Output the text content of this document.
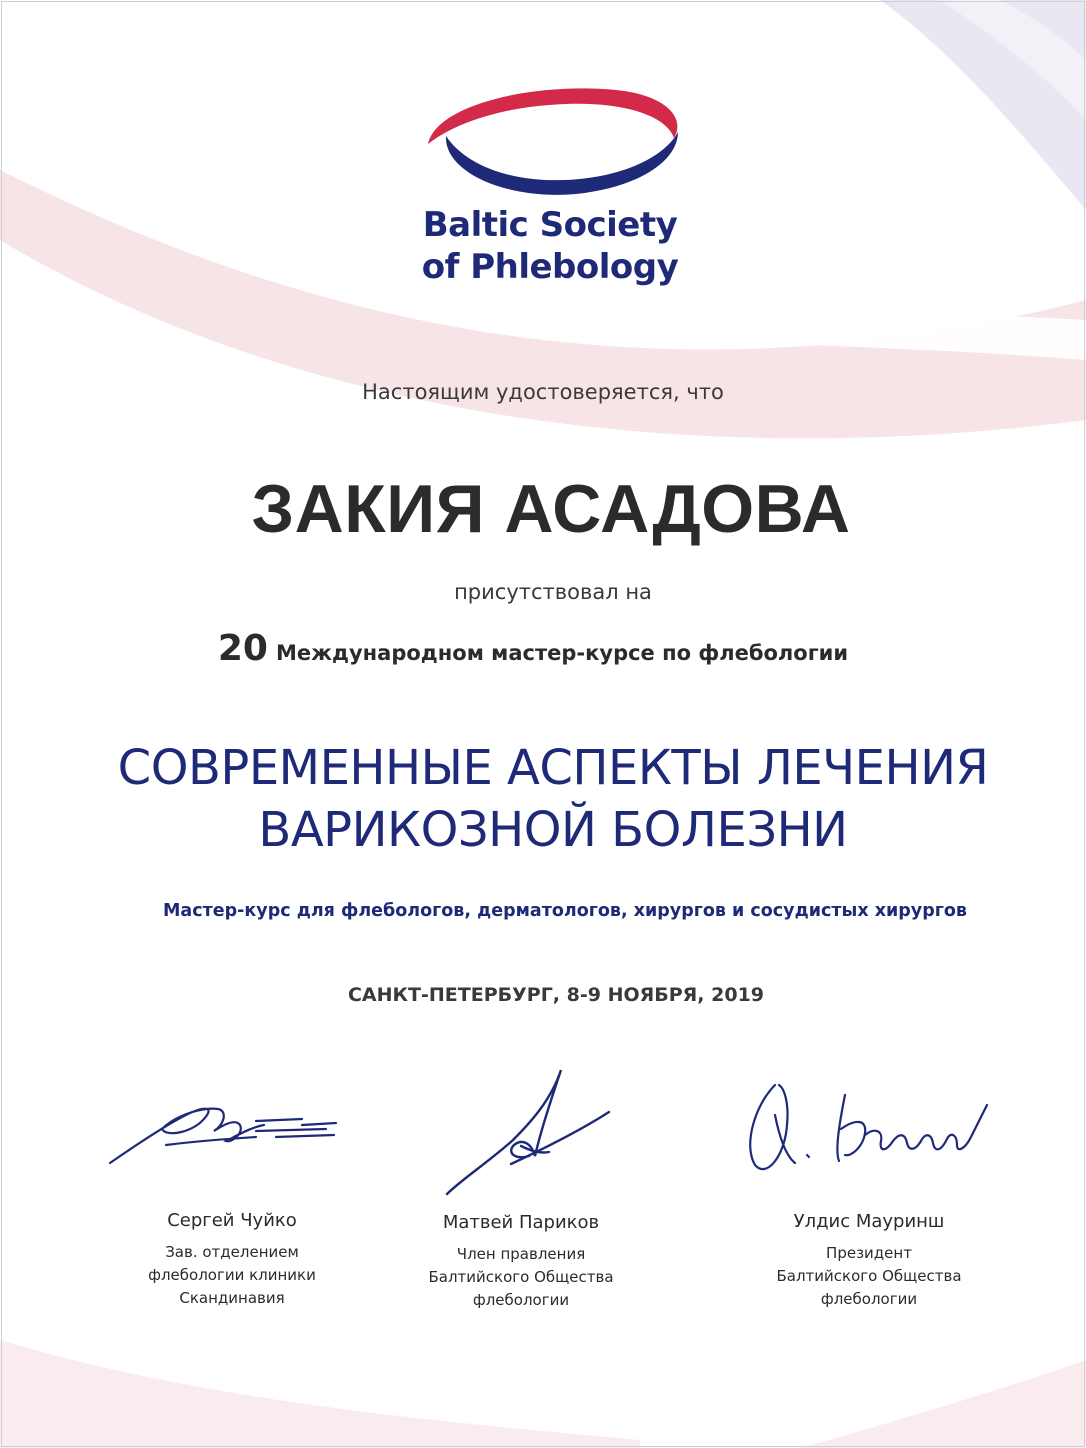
Baltic Society
of Phlebology
Настоящим удостоверяется, что
ЗАКИЯ АСАДОВА
присутствовал на
20 Международном мастер-курсе по флебологии
СОВРЕМЕННЫЕ АСПЕКТЫ ЛЕЧЕНИЯ
ВАРИКОЗНОЙ БОЛЕЗНИ
Мастер-курс для флебологов, дерматологов, хирургов и сосудистых хирургов
САНКТ-ПЕТЕРБУРГ, 8-9 НОЯБРЯ, 2019
Сергей Чуйко
Зав. отделением
флебологии клиники
Скандинавия
Матвей Париков
Член правления
Балтийского Общества
флебологии
Улдис Мауринш
Президент
Балтийского Общества
флебологии
